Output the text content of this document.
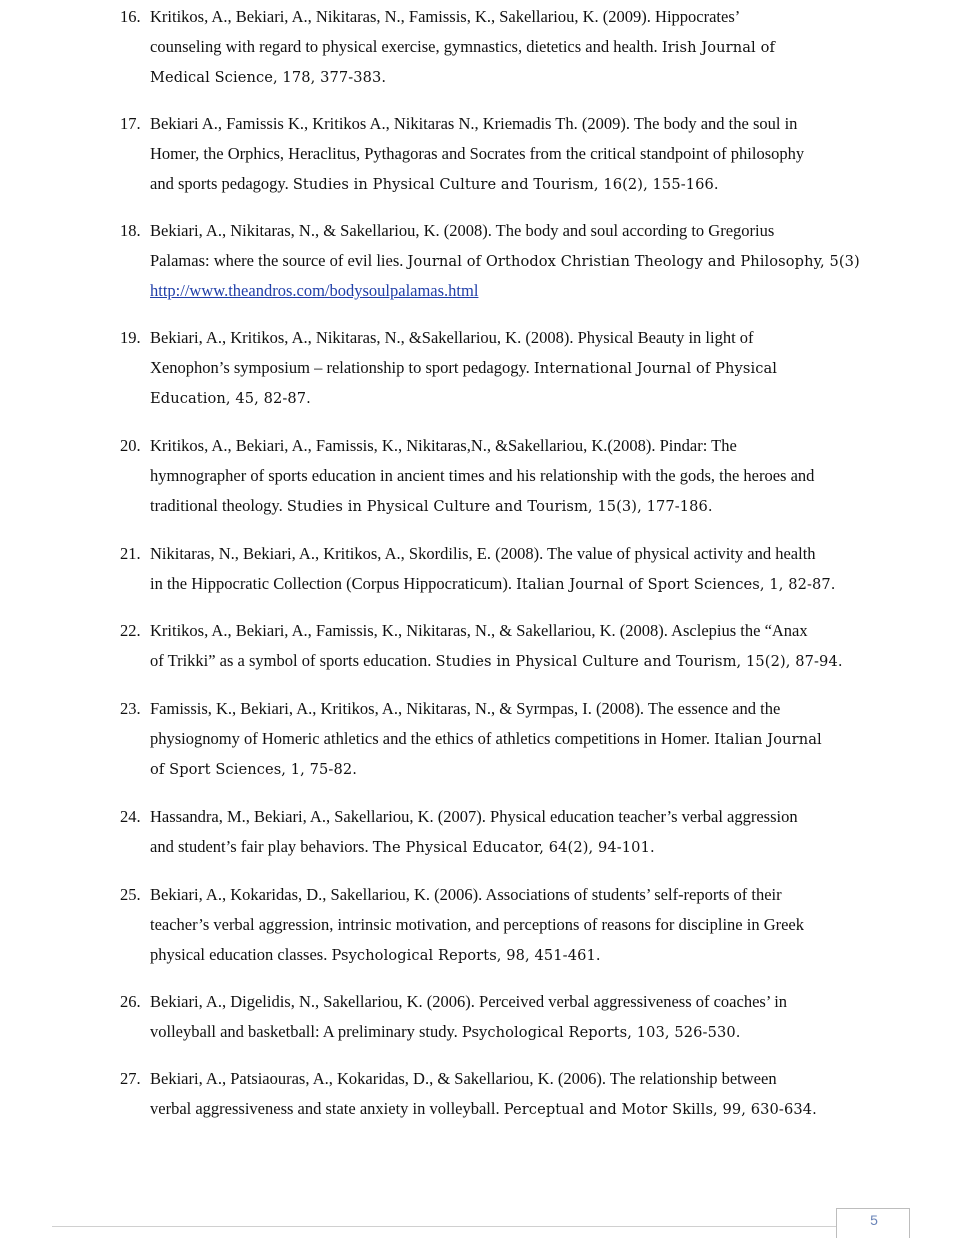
16. Kritikos, A., Bekiari, A., Nikitaras, N., Famissis, K., Sakellariou, K. (2009). Hippocrates’
counseling with regard to physical exercise, gymnastics, dietetics and health. Irish Journal of
Medical Science, 178, 377-383.
17. Bekiari A., Famissis K., Kritikos A., Nikitaras N., Kriemadis Th. (2009). The body and the soul in
Homer, the Orphics, Heraclitus, Pythagoras and Socrates from the critical standpoint of philosophy
and sports pedagogy. Studies in Physical Culture and Tourism, 16(2), 155-166.
18. Bekiari, A., Nikitaras, N., & Sakellariou, K. (2008). The body and soul according to Gregorius
Palamas: where the source of evil lies. Journal of Orthodox Christian Theology and Philosophy, 5(3)
http://www.theandros.com/bodysoulpalamas.html
19. Bekiari, A., Kritikos, A., Nikitaras, N., &Sakellariou, K. (2008). Physical Beauty in light of
Xenophon’s symposium – relationship to sport pedagogy. International Journal of Physical
Education, 45, 82-87.
20. Kritikos, A., Bekiari, A., Famissis, K., Nikitaras,N., &Sakellariou, K.(2008). Pindar: The
hymnographer of sports education in ancient times and his relationship with the gods, the heroes and
traditional theology. Studies in Physical Culture and Tourism, 15(3), 177-186.
21. Nikitaras, N., Bekiari, A., Kritikos, A., Skordilis, E. (2008). The value of physical activity and health
in the Hippocratic Collection (Corpus Hippocraticum). Italian Journal of Sport Sciences, 1, 82-87.
22. Kritikos, A., Bekiari, A., Famissis, K., Nikitaras, N., & Sakellariou, K. (2008). Asclepius the “Anax
of Trikki” as a symbol of sports education. Studies in Physical Culture and Tourism, 15(2), 87-94.
23. Famissis, K., Bekiari, A., Kritikos, A., Nikitaras, N., & Syrmpas, I. (2008). The essence and the
physiognomy of Homeric athletics and the ethics of athletics competitions in Homer. Italian Journal
of Sport Sciences, 1, 75-82.
24. Hassandra, M., Bekiari, A., Sakellariou, K. (2007). Physical education teacher’s verbal aggression
and student’s fair play behaviors. The Physical Educator, 64(2), 94-101.
25. Bekiari, A., Kokaridas, D., Sakellariou, K. (2006). Associations of students’ self-reports of their
teacher’s verbal aggression, intrinsic motivation, and perceptions of reasons for discipline in Greek
physical education classes. Psychological Reports, 98, 451-461.
26. Bekiari, A., Digelidis, N., Sakellariou, K. (2006). Perceived verbal aggressiveness of coaches’ in
volleyball and basketball: A preliminary study. Psychological Reports, 103, 526-530.
27. Bekiari, A., Patsiaouras, A., Kokaridas, D., & Sakellariou, K. (2006). The relationship between
verbal aggressiveness and state anxiety in volleyball. Perceptual and Motor Skills, 99, 630-634.
5
